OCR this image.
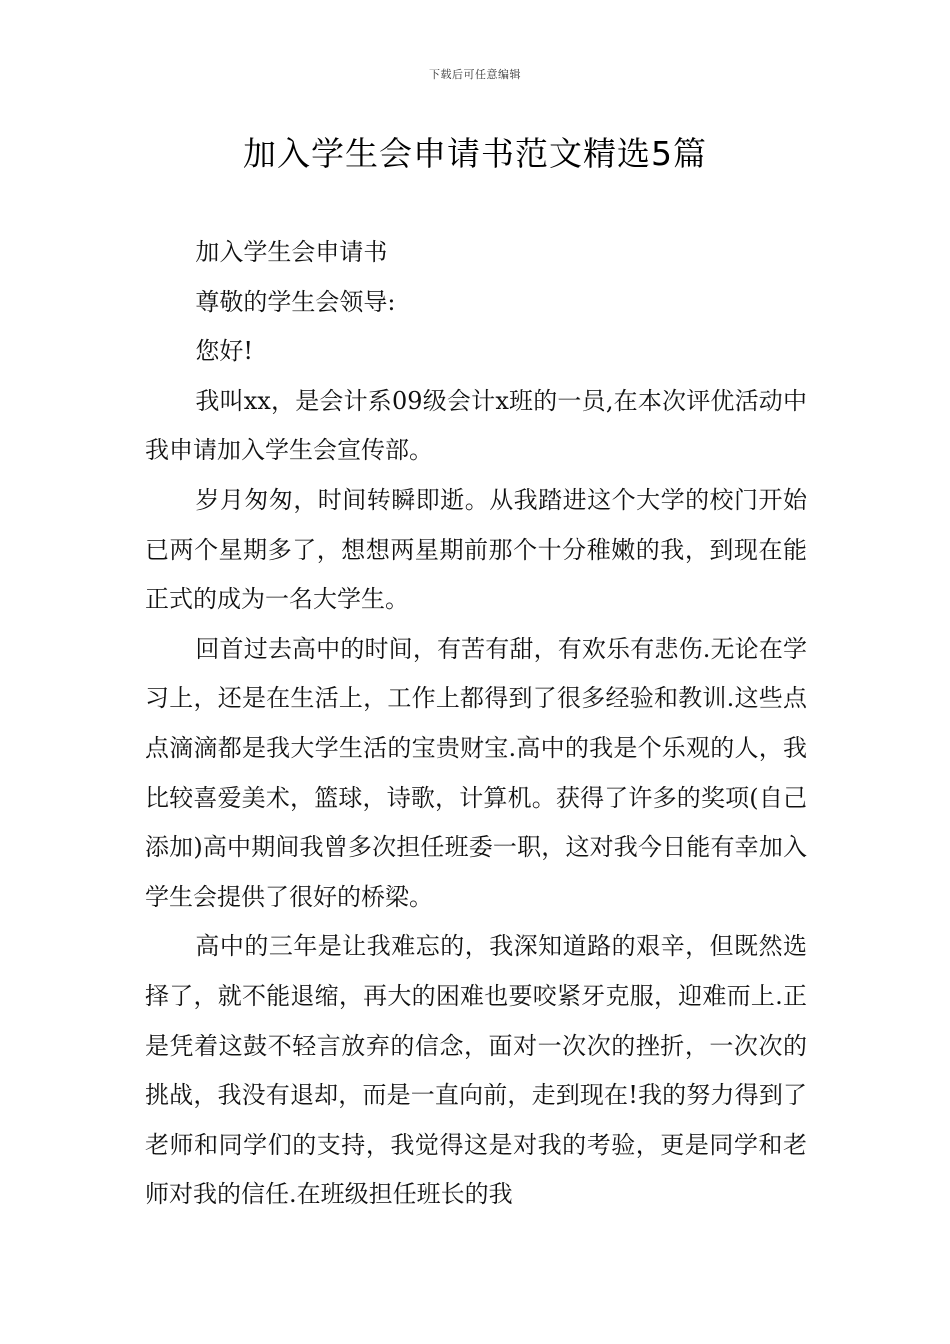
下载后可任意编辑
加入学生会申请书范文精选5篇

加入学生会申请书

尊敬的学生会领导:

您好!

我叫xx，是会计系09级会计x班的一员,在本次评优活动中我申请加入学生会宣传部。

岁月匆匆，时间转瞬即逝。从我踏进这个大学的校门开始已两个星期多了，想想两星期前那个十分稚嫩的我，到现在能正式的成为一名大学生。

回首过去高中的时间，有苦有甜，有欢乐有悲伤.无论在学习上，还是在生活上，工作上都得到了很多经验和教训.这些点点滴滴都是我大学生活的宝贵财宝.高中的我是个乐观的人，我比较喜爱美术，篮球，诗歌，计算机。获得了许多的奖项(自己添加)高中期间我曾多次担任班委一职，这对我今日能有幸加入学生会提供了很好的桥梁。

高中的三年是让我难忘的，我深知道路的艰辛，但既然选择了，就不能退缩，再大的困难也要咬紧牙克服，迎难而上.正是凭着这鼓不轻言放弃的信念，面对一次次的挫折，一次次的挑战，我没有退却，而是一直向前，走到现在!我的努力得到了老师和同学们的支持，我觉得这是对我的考验，更是同学和老师对我的信任.在班级担任班长的我
